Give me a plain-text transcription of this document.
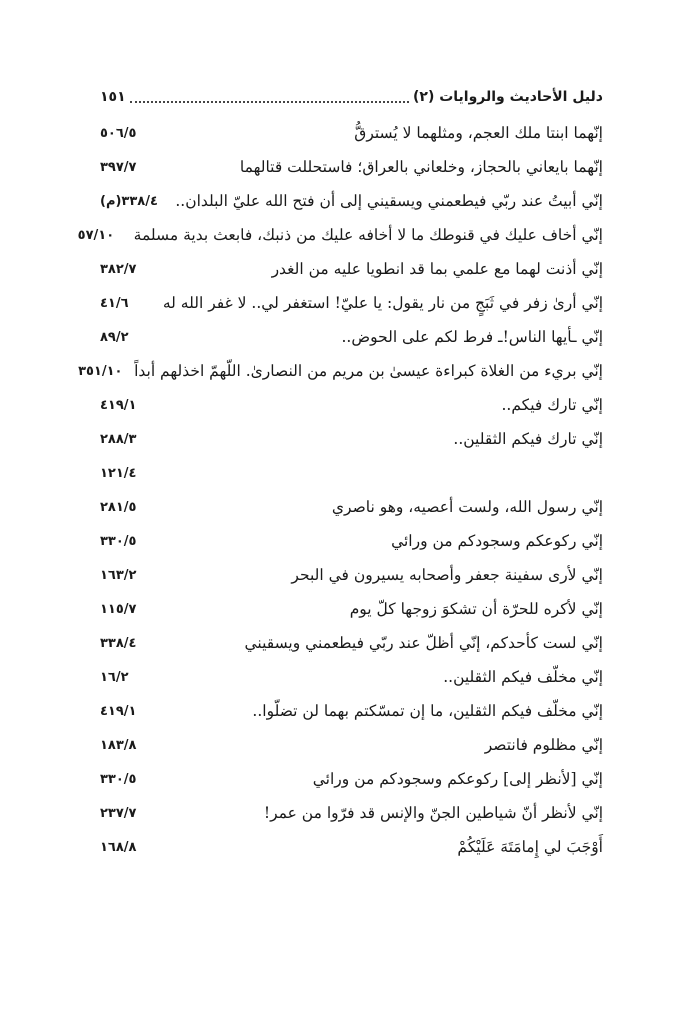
دليل الأحاديث والروايات (٢)
١٥١
إنّهما ابنتا ملك العجم، ومثلهما لا يُسترقُّ
٥٠٦/٥
إنّهما بايعاني بالحجاز، وخلعاني بالعراق؛ فاستحللت قتالهما
٣٩٧/٧
إنّي أبيتُ عند ربّي فيطعمني ويسقيني إلى أن فتح الله عليّ البلدان..
٣٣٨/٤(م)
إنّي أخاف عليك في قنوطك ما لا أخافه عليك من ذنبك، فابعث بدية مسلمة
٥٧/١٠
إنّي أذنت لهما مع علمي بما قد انطويا عليه من الغدر
٣٨٢/٧
إنّي أرىٰ زفر في ثَبَجٍ من نار يقول: يا عليّ! استغفر لي.. لا غفر الله له
٤١/٦
إنّي ـأيها الناس!ـ فرط لكم على الحوض..
٨٩/٢
إنّي بريء من الغلاة كبراءة عيسىٰ بن مريم من النصارىٰ. اللّهمّ اخذلهم أبداً
٣٥١/١٠
إنّي تارك فيكم..
٤١٩/١
إنّي تارك فيكم الثقلين..
٢٨٨/٣
١٢١/٤
إنّي رسول الله، ولست أعصيه، وهو ناصري
٢٨١/٥
إنّي ركوعكم وسجودكم من ورائي
٣٣٠/٥
إنّي لأرى سفينة جعفر وأصحابه يسيرون في البحر
١٦٣/٢
إنّي لأكره للحرّة أن تشكوَ زوجها كلّ يوم
١١٥/٧
إنّي لست كأحدكم، إنّي أظلّ عند ربّي فيطعمني ويسقيني
٣٣٨/٤
إنّي مخلّف فيكم الثقلين..
١٦/٢
إنّي مخلّف فيكم الثقلين، ما إن تمسّكتم بهما لن تضلّوا..
٤١٩/١
إنّي مظلوم فانتصر
١٨٣/٨
إنّي [لأنظر إلى] ركوعكم وسجودكم من ورائي
٣٣٠/٥
إنّي لأنظر أنّ شياطين الجنّ والإنس قد فرّوا من عمر!
٢٣٧/٧
أَوْجَبَ لي إِمامَتَهَ عَلَيْكُمْ
١٦٨/٨
